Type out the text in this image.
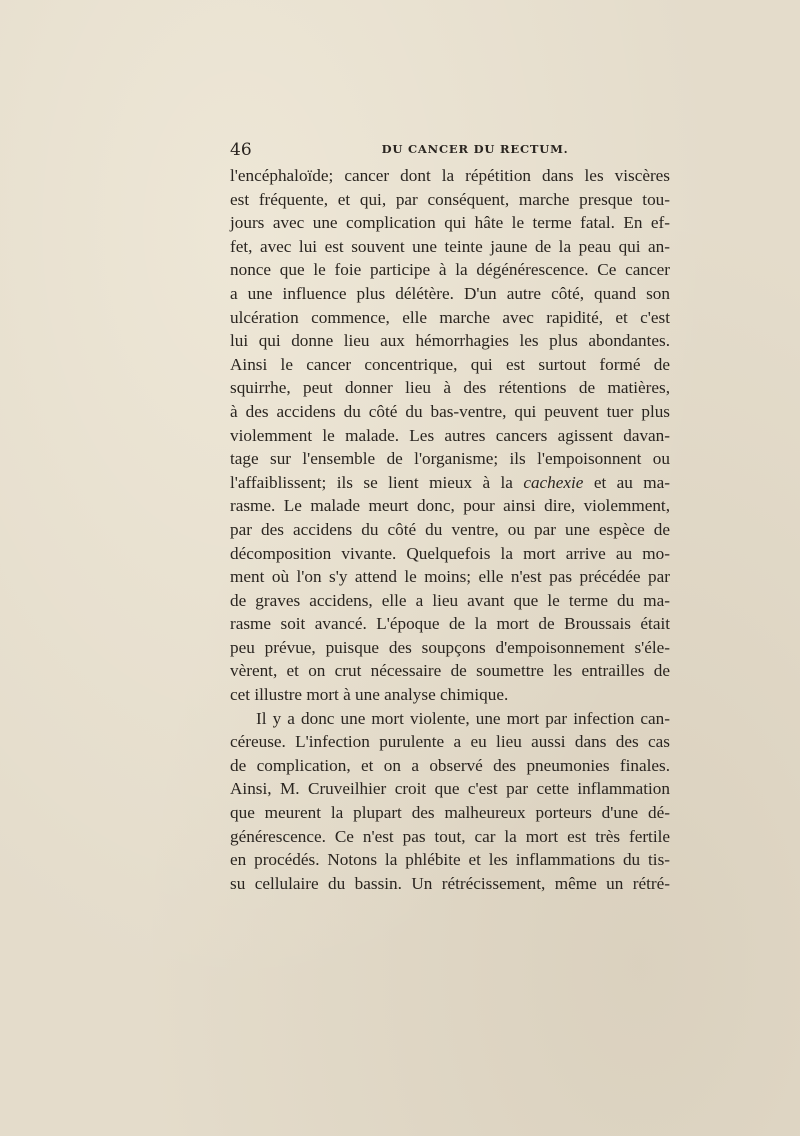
46	DU CANCER DU RECTUM.
l'encéphaloïde; cancer dont la répétition dans les viscères
est fréquente, et qui, par conséquent, marche presque tou-
jours avec une complication qui hâte le terme fatal. En ef-
fet, avec lui est souvent une teinte jaune de la peau qui an-
nonce que le foie participe à la dégénérescence. Ce cancer
a une influence plus délétère. D'un autre côté, quand son
ulcération commence, elle marche avec rapidité, et c'est
lui qui donne lieu aux hémorrhagies les plus abondantes.
Ainsi le cancer concentrique, qui est surtout formé de
squirrhe, peut donner lieu à des rétentions de matières,
à des accidens du côté du bas-ventre, qui peuvent tuer plus
violemment le malade. Les autres cancers agissent davan-
tage sur l'ensemble de l'organisme; ils l'empoisonnent ou
l'affaiblissent; ils se lient mieux à la cachexie et au ma-
rasme. Le malade meurt donc, pour ainsi dire, violemment,
par des accidens du côté du ventre, ou par une espèce de
décomposition vivante. Quelquefois la mort arrive au mo-
ment où l'on s'y attend le moins; elle n'est pas précédée par
de graves accidens, elle a lieu avant que le terme du ma-
rasme soit avancé. L'époque de la mort de Broussais était
peu prévue, puisque des soupçons d'empoisonnement s'éle-
vèrent, et on crut nécessaire de soumettre les entrailles de
cet illustre mort à une analyse chimique.
Il y a donc une mort violente, une mort par infection can-
céreuse. L'infection purulente a eu lieu aussi dans des cas
de complication, et on a observé des pneumonies finales.
Ainsi, M. Cruveilhier croit que c'est par cette inflammation
que meurent la plupart des malheureux porteurs d'une dé-
générescence. Ce n'est pas tout, car la mort est très fertile
en procédés. Notons la phlébite et les inflammations du tis-
su cellulaire du bassin. Un rétrécissement, même un rétré-
